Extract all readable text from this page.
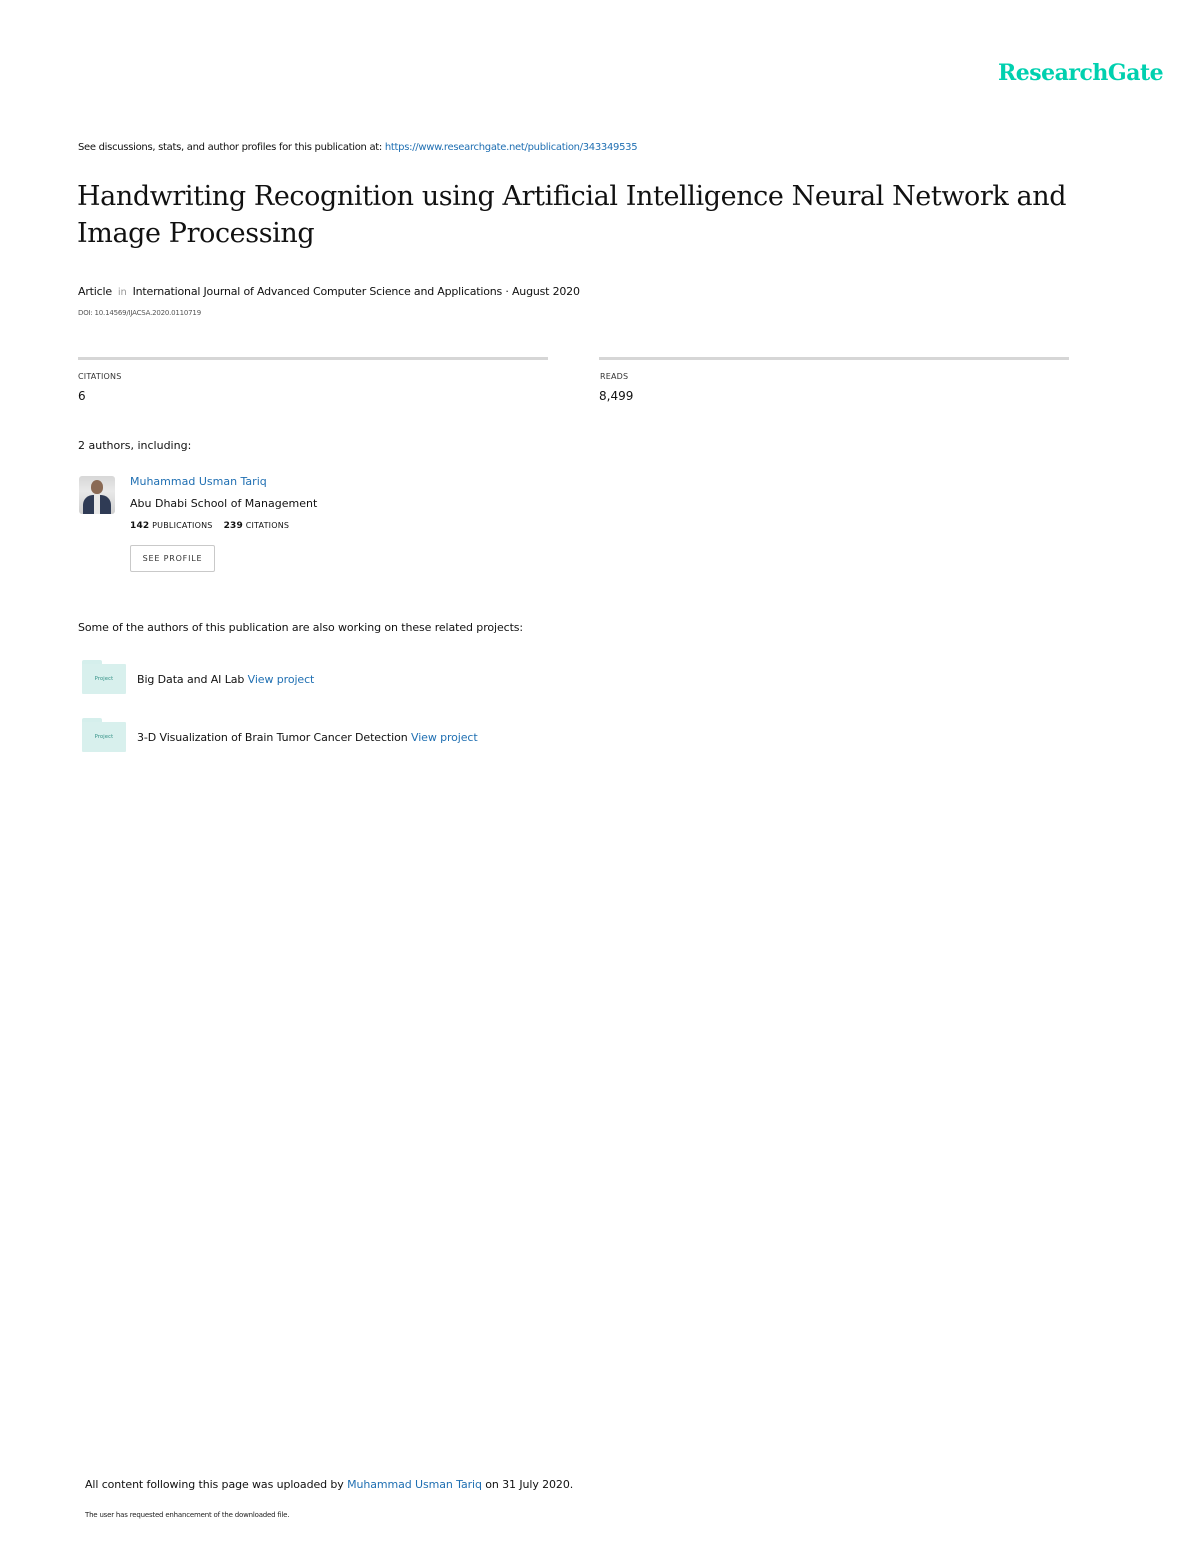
ResearchGate
See discussions, stats, and author profiles for this publication at: https://www.researchgate.net/publication/343349535
Handwriting Recognition using Artificial Intelligence Neural Network and Image Processing
Article in International Journal of Advanced Computer Science and Applications · August 2020
DOI: 10.14569/IJACSA.2020.0110719
CITATIONS
6
READS
8,499
2 authors, including:
Muhammad Usman Tariq
Abu Dhabi School of Management
142 PUBLICATIONS 239 CITATIONS
SEE PROFILE
Some of the authors of this publication are also working on these related projects:
Project	Big Data and AI Lab View project
Project	3-D Visualization of Brain Tumor Cancer Detection View project
All content following this page was uploaded by Muhammad Usman Tariq on 31 July 2020.
The user has requested enhancement of the downloaded file.
